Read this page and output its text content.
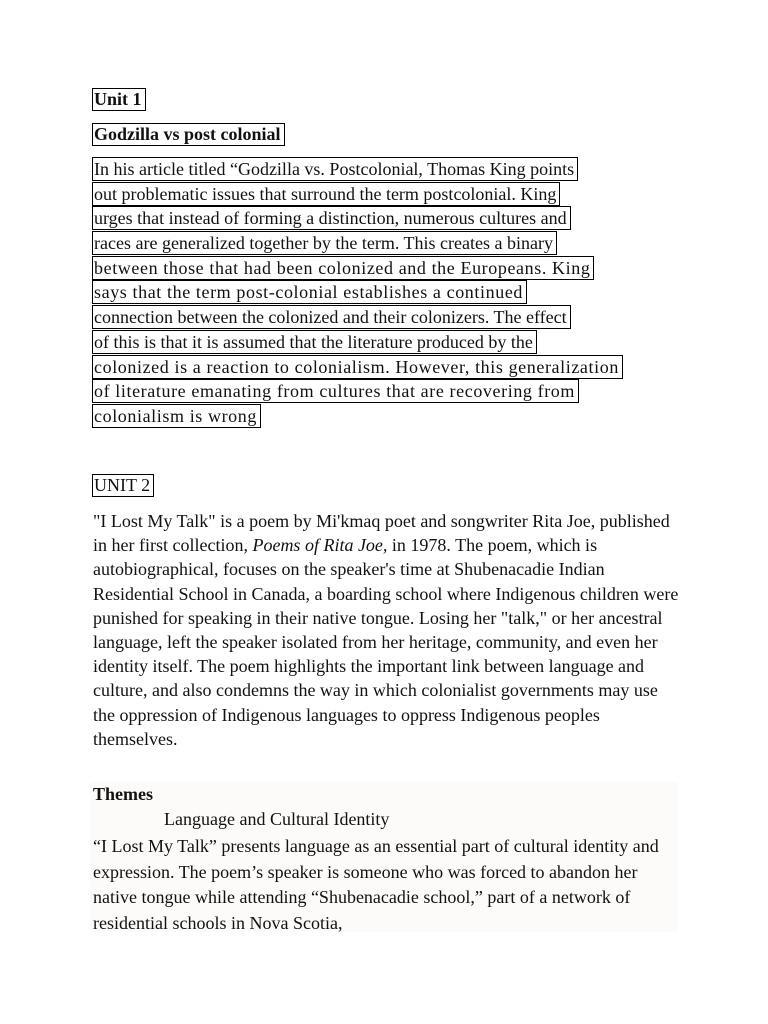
Unit 1
Godzilla vs post colonial
In his article titled “Godzilla vs. Postcolonial, Thomas King points
out problematic issues that surround the term postcolonial. King
urges that instead of forming a distinction, numerous cultures and
races are generalized together by the term. This creates a binary
between those that had been colonized and the Europeans. King
says that the term post-colonial establishes a continued
connection between the colonized and their colonizers. The effect
of this is that it is assumed that the literature produced by the
colonized is a reaction to colonialism. However, this generalization
of literature emanating from cultures that are recovering from
colonialism is wrong
UNIT 2

"I Lost My Talk" is a poem by Mi'kmaq poet and songwriter Rita Joe, published in her first collection, Poems of Rita Joe, in 1978. The poem, which is autobiographical, focuses on the speaker's time at Shubenacadie Indian Residential School in Canada, a boarding school where Indigenous children were punished for speaking in their native tongue. Losing her "talk," or her ancestral language, left the speaker isolated from her heritage, community, and even her identity itself. The poem highlights the important link between language and culture, and also condemns the way in which colonialist governments may use the oppression of Indigenous languages to oppress Indigenous peoples themselves.

Themes
Language and Cultural Identity

“I Lost My Talk” presents language as an essential part of cultural identity and expression. The poem’s speaker is someone who was forced to abandon her native tongue while attending “Shubenacadie school,” part of a network of residential schools in Nova Scotia,
